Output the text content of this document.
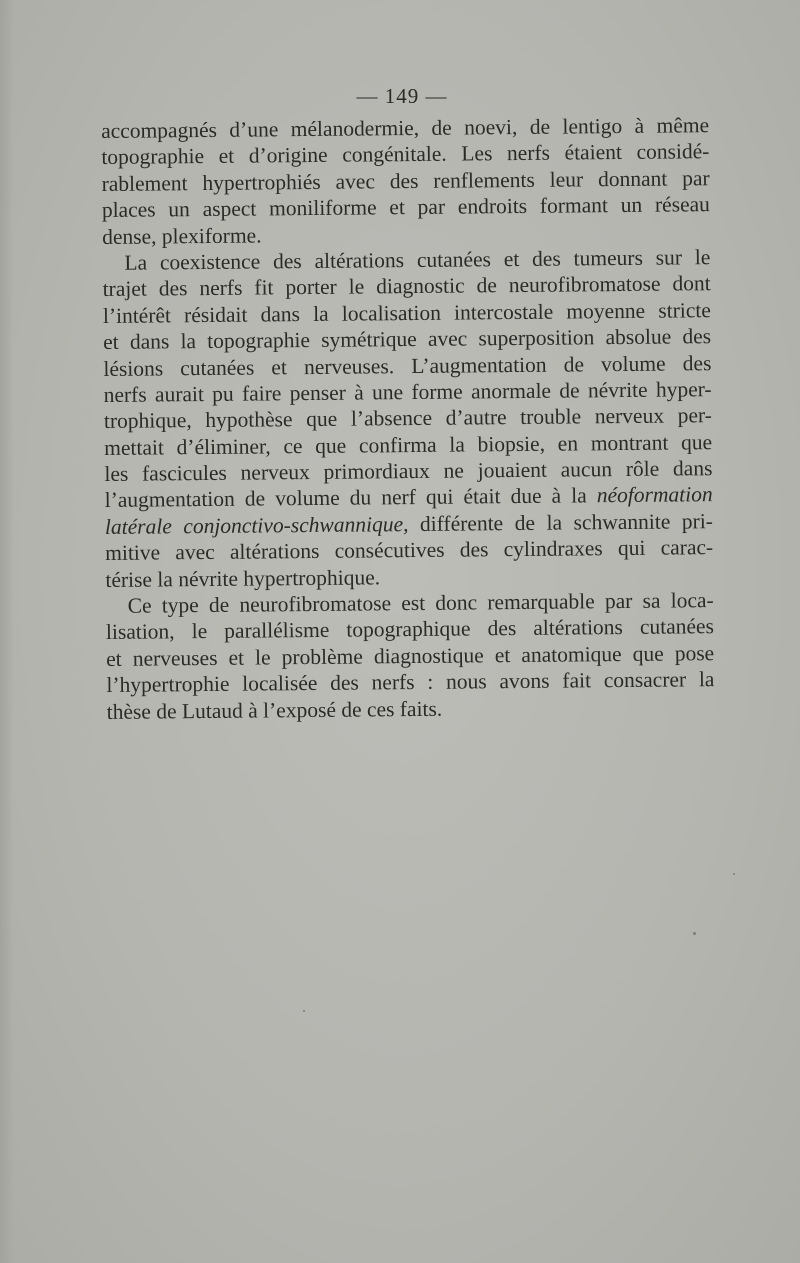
— 149 —
accompagnés d’une mélanodermie, de noevi, de lentigo à même
topographie et d’origine congénitale. Les nerfs étaient considé-
rablement hypertrophiés avec des renflements leur donnant par
places un aspect moniliforme et par endroits formant un réseau
dense, plexiforme.
La coexistence des altérations cutanées et des tumeurs sur le
trajet des nerfs fit porter le diagnostic de neurofibromatose dont
l’intérêt résidait dans la localisation intercostale moyenne stricte
et dans la topographie symétrique avec superposition absolue des
lésions cutanées et nerveuses. L’augmentation de volume des
nerfs aurait pu faire penser à une forme anormale de névrite hyper-
trophique, hypothèse que l’absence d’autre trouble nerveux per-
mettait d’éliminer, ce que confirma la biopsie, en montrant que
les fascicules nerveux primordiaux ne jouaient aucun rôle dans
l’augmentation de volume du nerf qui était due à la néoformation
latérale conjonctivo-schwannique, différente de la schwannite pri-
mitive avec altérations consécutives des cylindraxes qui carac-
térise la névrite hypertrophique.
Ce type de neurofibromatose est donc remarquable par sa loca-
lisation, le parallélisme topographique des altérations cutanées
et nerveuses et le problème diagnostique et anatomique que pose
l’hypertrophie localisée des nerfs : nous avons fait consacrer la
thèse de Lutaud à l’exposé de ces faits.
